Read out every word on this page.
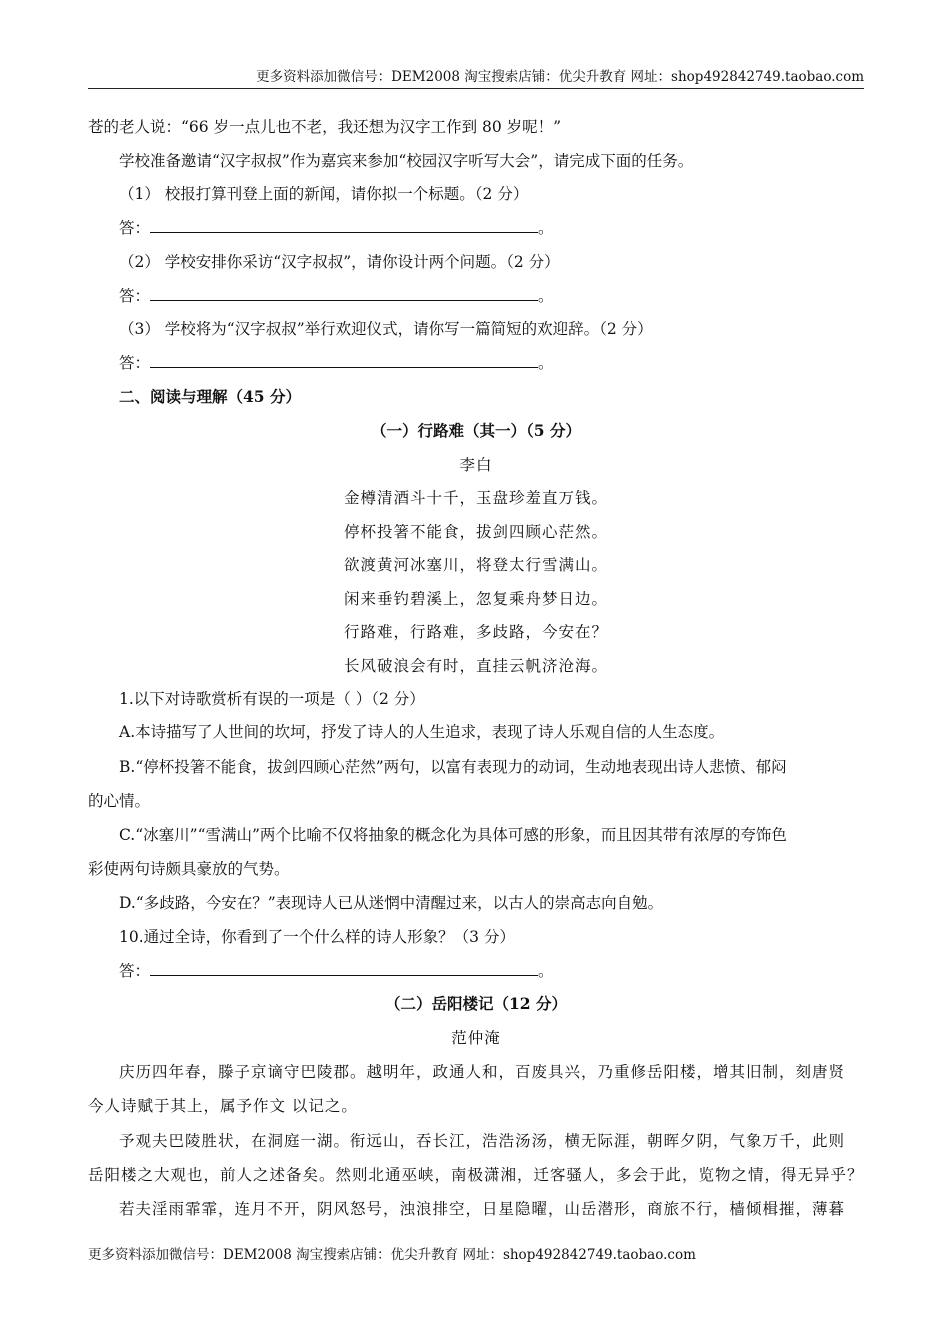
更多资料添加微信号：DEM2008 淘宝搜索店铺：优尖升教育 网址：shop492842749.taobao.com
苍的老人说：“66 岁一点儿也不老，我还想为汉字工作到 80 岁呢！”
学校准备邀请“汉字叔叔”作为嘉宾来参加“校园汉字听写大会”，请完成下面的任务。
（1） 校报打算刊登上面的新闻，请你拟一个标题。（2 分）
答：	。
（2） 学校安排你采访“汉字叔叔”，请你设计两个问题。（2 分）
答：	。
（3） 学校将为“汉字叔叔”举行欢迎仪式，请你写一篇简短的欢迎辞。（2 分）
答：	。
二、阅读与理解（45 分）
（一）行路难（其一）（5 分）
李白
金樽清酒斗十千，玉盘珍羞直万钱。
停杯投箸不能食，拔剑四顾心茫然。
欲渡黄河冰塞川，将登太行雪满山。
闲来垂钓碧溪上，忽复乘舟梦日边。
行路难，行路难，多歧路，今安在？
长风破浪会有时，直挂云帆济沧海。
1.以下对诗歌赏析有误的一项是（ ）（2 分）
A.本诗描写了人世间的坎坷，抒发了诗人的人生追求，表现了诗人乐观自信的人生态度。
B.“停杯投箸不能食，拔剑四顾心茫然”两句，以富有表现力的动词，生动地表现出诗人悲愤、郁闷
的心情。
C.“冰塞川”“雪满山”两个比喻不仅将抽象的概念化为具体可感的形象，而且因其带有浓厚的夸饰色
彩使两句诗颇具豪放的气势。
D.“多歧路，今安在？”表现诗人已从迷惘中清醒过来，以古人的崇高志向自勉。
10.通过全诗，你看到了一个什么样的诗人形象？（3 分）
答：	。
（二）岳阳楼记（12 分）
范仲淹
庆历四年春，滕子京谪守巴陵郡。越明年，政通人和，百废具兴，乃重修岳阳楼，增其旧制，刻唐贤
今人诗赋于其上，属予作文 以记之。
予观夫巴陵胜状，在洞庭一湖。衔远山，吞长江，浩浩汤汤，横无际涯，朝晖夕阴，气象万千，此则
岳阳楼之大观也，前人之述备矣。然则北通巫峡，南极潇湘，迁客骚人，多会于此，览物之情，得无异乎？
若夫淫雨霏霏，连月不开，阴风怒号，浊浪排空，日星隐曜，山岳潜形，商旅不行，樯倾楫摧，薄暮
更多资料添加微信号：DEM2008 淘宝搜索店铺：优尖升教育 网址：shop492842749.taobao.com
